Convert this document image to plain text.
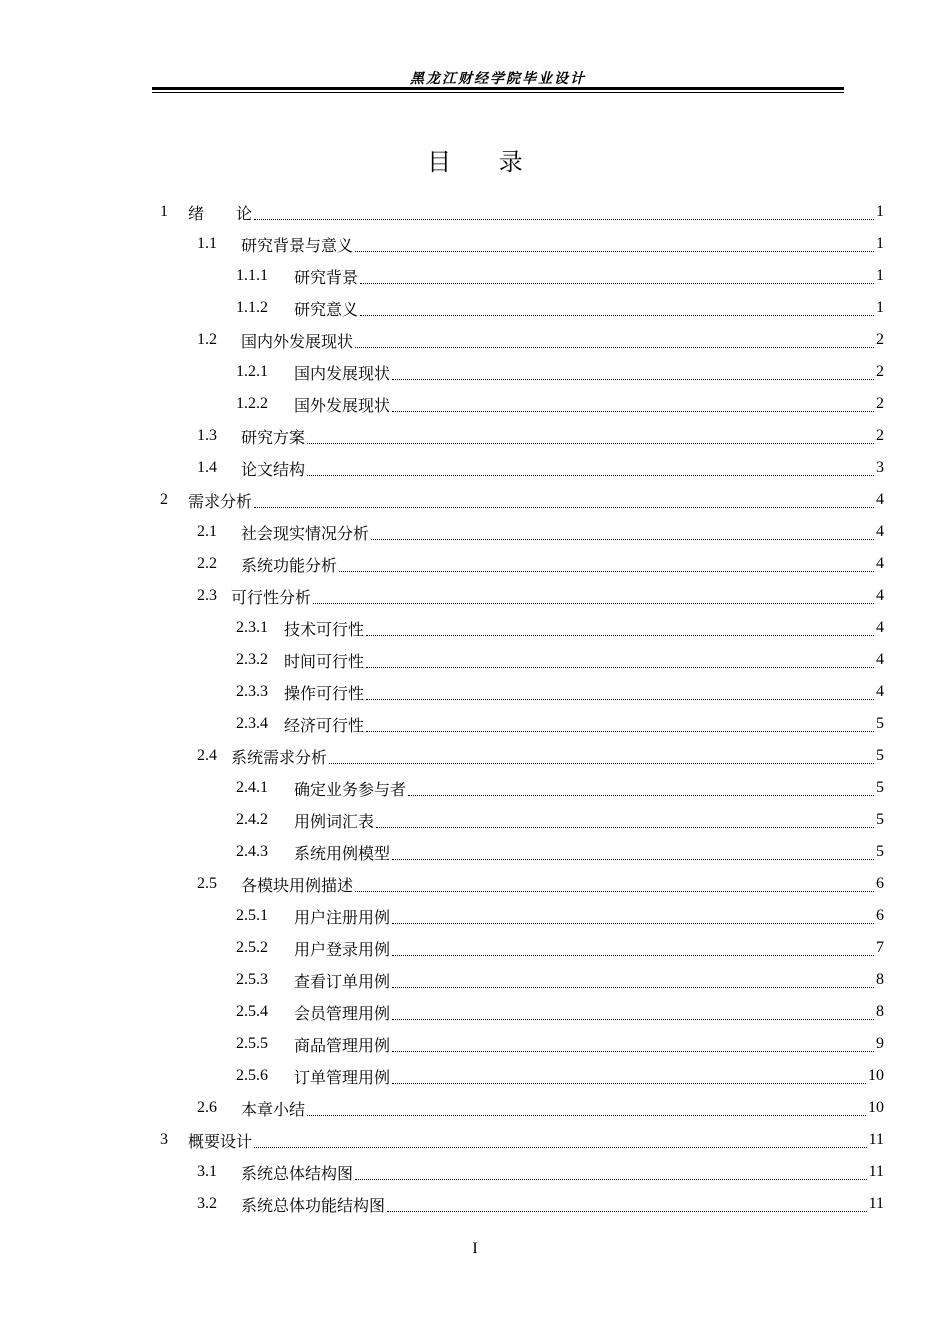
黑龙江财经学院毕业设计
目 录
1	绪　　论	1
1.1	研究背景与意义	1
1.1.1	研究背景	1
1.1.2	研究意义	1
1.2	国内外发展现状	2
1.2.1	国内发展现状	2
1.2.2	国外发展现状	2
1.3	研究方案	2
1.4	论文结构	3
2	需求分析	4
2.1	社会现实情况分析	4
2.2	系统功能分析	4
2.3 可行性分析	4
2.3.1	技术可行性	4
2.3.2	时间可行性	4
2.3.3	操作可行性	4
2.3.4	经济可行性	5
2.4 系统需求分析	5
2.4.1	确定业务参与者	5
2.4.2	用例词汇表	5
2.4.3	系统用例模型	5
2.5	各模块用例描述	6
2.5.1	用户注册用例	6
2.5.2	用户登录用例	7
2.5.3	查看订单用例	8
2.5.4	会员管理用例	8
2.5.5	商品管理用例	9
2.5.6	订单管理用例	10
2.6	本章小结	10
3	概要设计	11
3.1	系统总体结构图	11
3.2	系统总体功能结构图	11
I
